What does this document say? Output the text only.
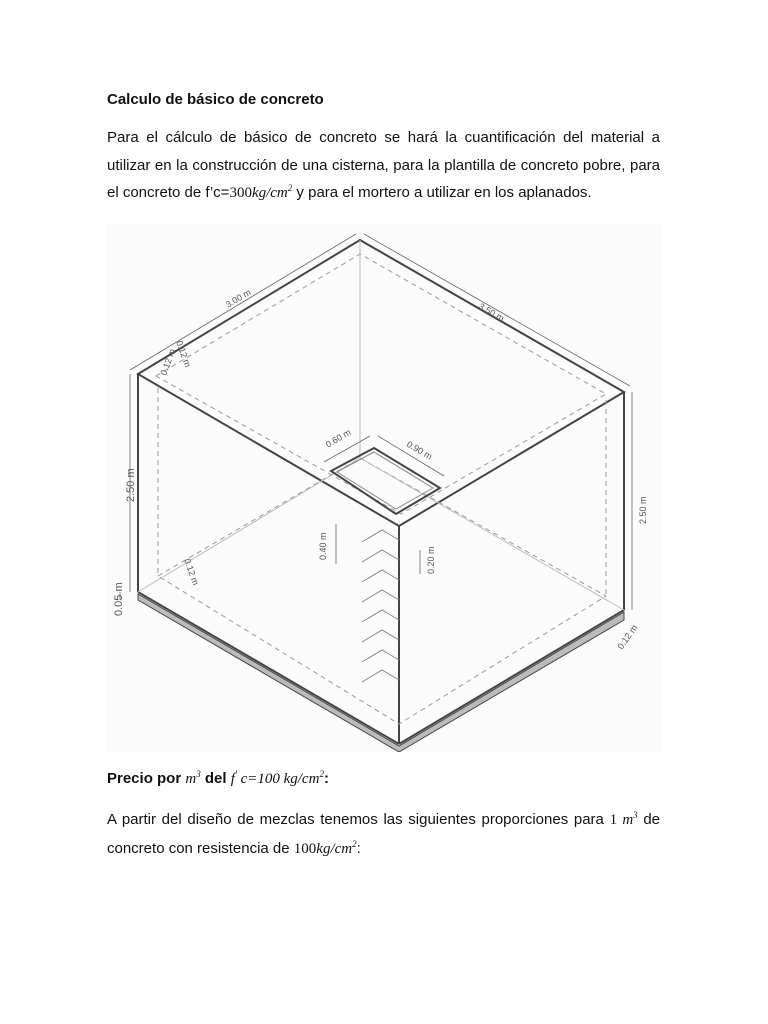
Calculo de básico de concreto

Para el cálculo de básico de concreto se hará la cuantificación del material a utilizar en la construcción de una cisterna, para la plantilla de concreto pobre, para el concreto de $f’c=300kg/cm^2$ y para el mortero a utilizar en los aplanados.

3.00 m
3.50 m
0.12 m
0.12 m
2.50 m
2.50 m
0.05 m
0.60 m
0.90 m
0.40 m
0.20 m
0.12 m
0.12 m

Precio por $m^3$ del f' c=100 $kg/cm^2$:

A partir del diseño de mezclas tenemos las siguientes proporciones para 1 $m^3$ de concreto con resistencia de $100kg/cm^2$:
